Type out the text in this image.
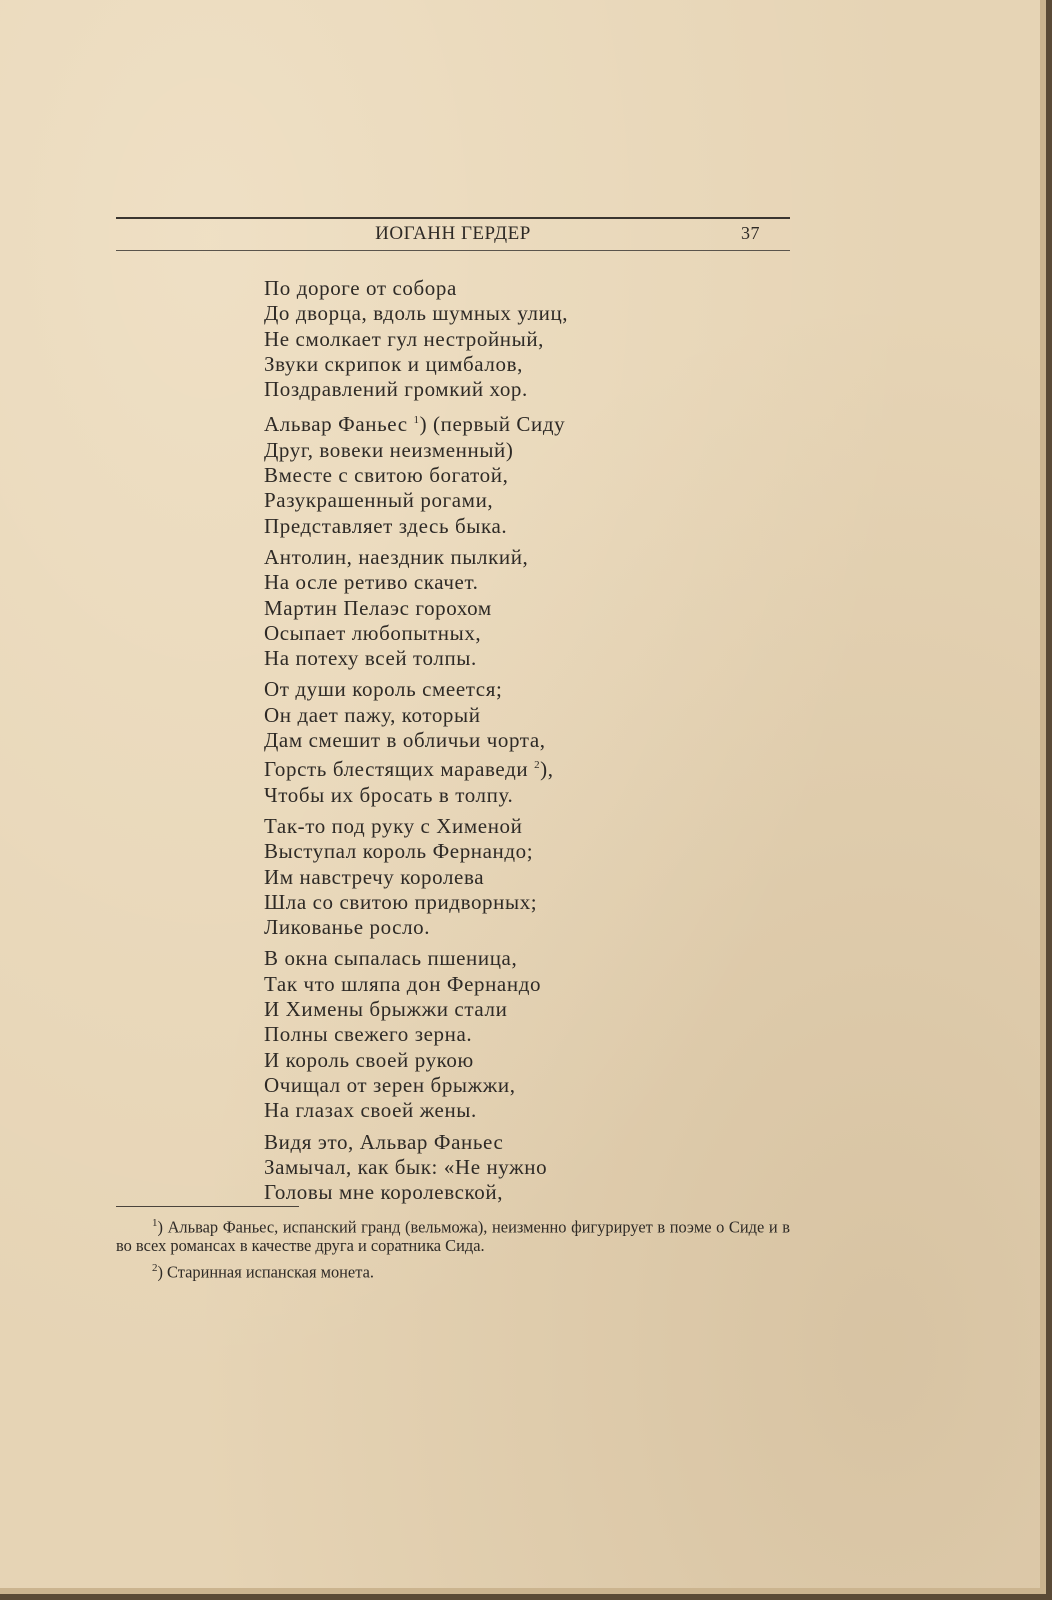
ИОГАНН ГЕРДЕР	37
По дороге от собора
До дворца, вдоль шумных улиц,
Не смолкает гул нестройный,
Звуки скрипок и цимбалов,
Поздравлений громкий хор.
Альвар Фаньес $^1$) (первый Сиду
Друг, вовеки неизменный)
Вместе с свитою богатой,
Разукрашенный рогами,
Представляет здесь быка.
Антолин, наездник пылкий,
На осле ретиво скачет.
Мартин Пелаэс горохом
Осыпает любопытных,
На потеху всей толпы.
От души король смеется;
Он дает пажу, который
Дам смешит в обличьи чорта,
Горсть блестящих мараведи $^2$),
Чтобы их бросать в толпу.
Так-то под руку с Хименой
Выступал король Фернандо;
Им навстречу королева
Шла со свитою придворных;
Ликованье росло.
В окна сыпалась пшеница,
Так что шляпа дон Фернандо
И Химены брыжжи стали
Полны свежего зерна.
И король своей рукою
Очищал от зерен брыжжи,
На глазах своей жены.
Видя это, Альвар Фаньес
Замычал, как бык: «Не нужно
Головы мне королевской,

$^1$) Альвар Фаньес, испанский гранд (вельможа), неизменно фигурирует в поэме о Сиде и в во всех романсах в качестве друга и соратника Сида.

$^2$) Старинная испанская монета.
